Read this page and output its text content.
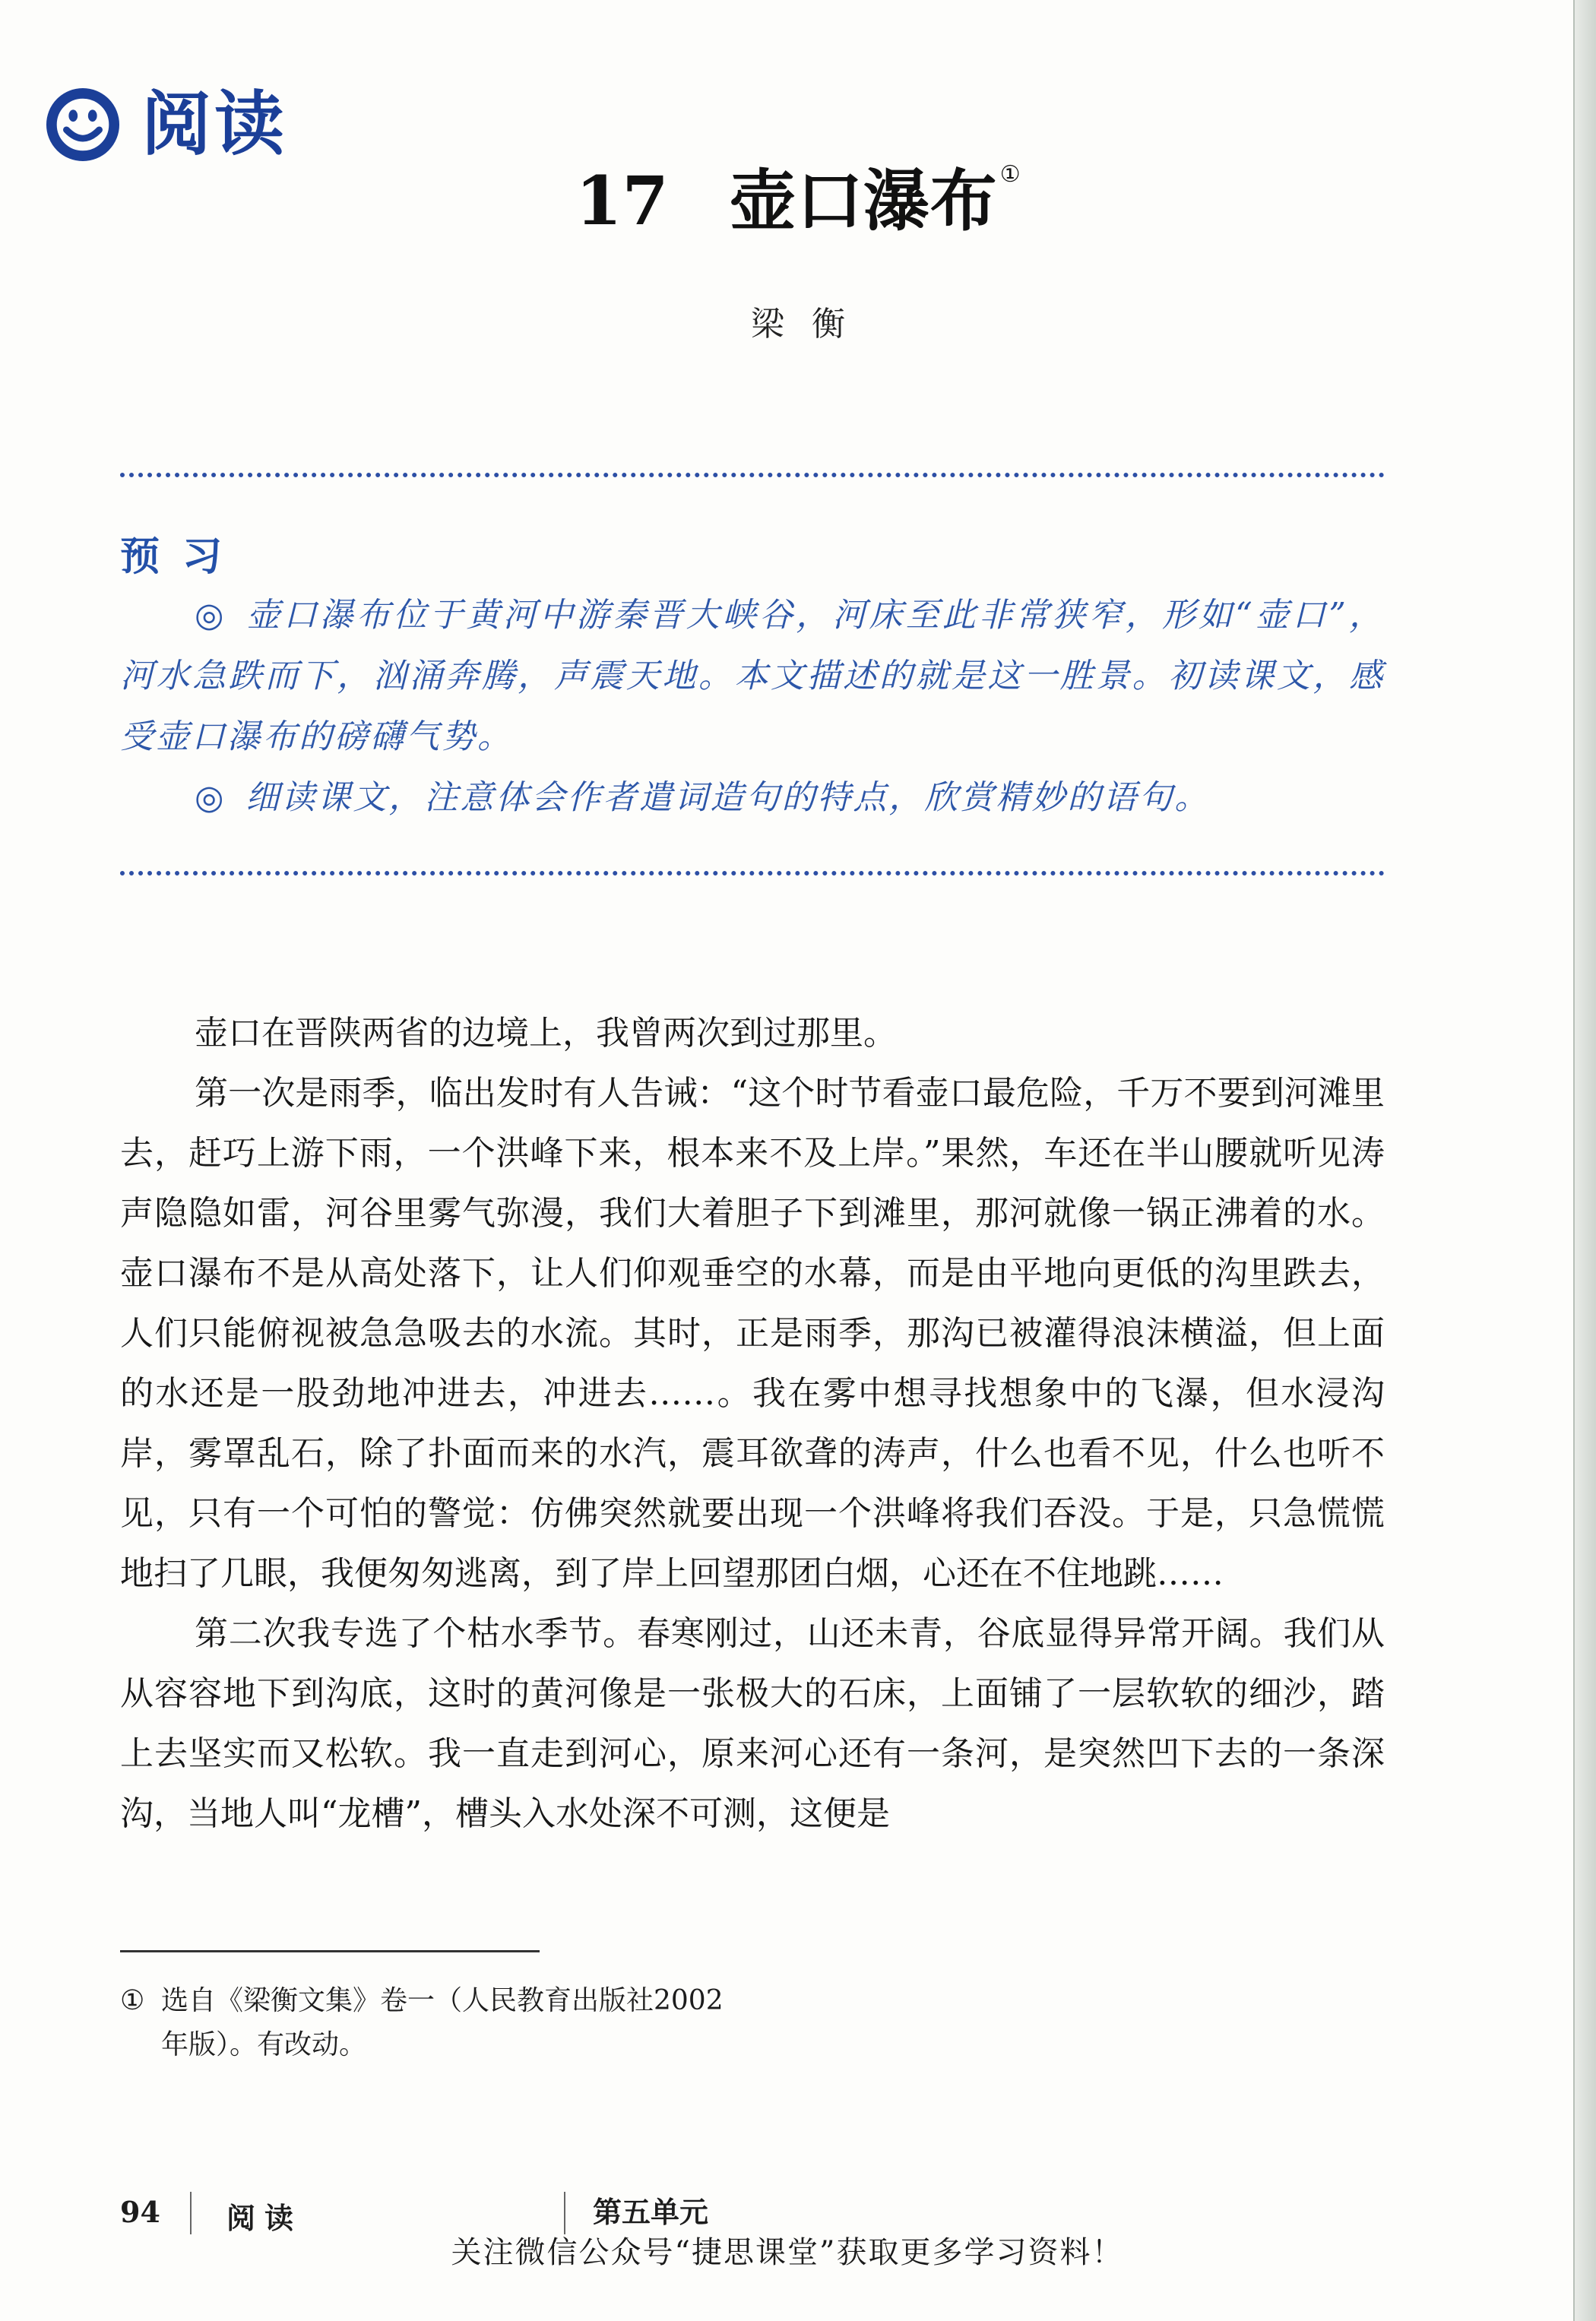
阅读
17 壶口瀑布 ①
梁衡
预习

◎ 壶口瀑布位于黄河中游秦晋大峡谷，河床至此非常狭窄，形如“壶口”，河水急跌而下，汹涌奔腾，声震天地。本文描述的就是这一胜景。初读课文，感受壶口瀑布的磅礴气势。

◎ 细读课文，注意体会作者遣词造句的特点，欣赏精妙的语句。

壶口在晋陕两省的边境上，我曾两次到过那里。

第一次是雨季，临出发时有人告诫：“这个时节看壶口最危险，千万不要到河滩里去，赶巧上游下雨，一个洪峰下来，根本来不及上岸。”果然，车还在半山腰就听见涛声隐隐如雷，河谷里雾气弥漫，我们大着胆子下到滩里，那河就像一锅正沸着的水。壶口瀑布不是从高处落下，让人们仰观垂空的水幕，而是由平地向更低的沟里跌去，人们只能俯视被急急吸去的水流。其时，正是雨季，那沟已被灌得浪沫横溢，但上面的水还是一股劲地冲进去，冲进去……。我在雾中想寻找想象中的飞瀑，但水浸沟岸，雾罩乱石，除了扑面而来的水汽，震耳欲聋的涛声，什么也看不见，什么也听不见，只有一个可怕的警觉：仿佛突然就要出现一个洪峰将我们吞没。于是，只急慌慌地扫了几眼，我便匆匆逃离，到了岸上回望那团白烟，心还在不住地跳……

第二次我专选了个枯水季节。春寒刚过，山还未青，谷底显得异常开阔。我们从从容容地下到沟底，这时的黄河像是一张极大的石床，上面铺了一层软软的细沙，踏上去坚实而又松软。我一直走到河心，原来河心还有一条河，是突然凹下去的一条深沟，当地人叫“龙槽”，槽头入水处深不可测，这便是

① 选自《梁衡文集》卷一（人民教育出版社2002
年版）。有改动。
94 阅读	第五单元
关注微信公众号“捷思课堂”获取更多学习资料！
